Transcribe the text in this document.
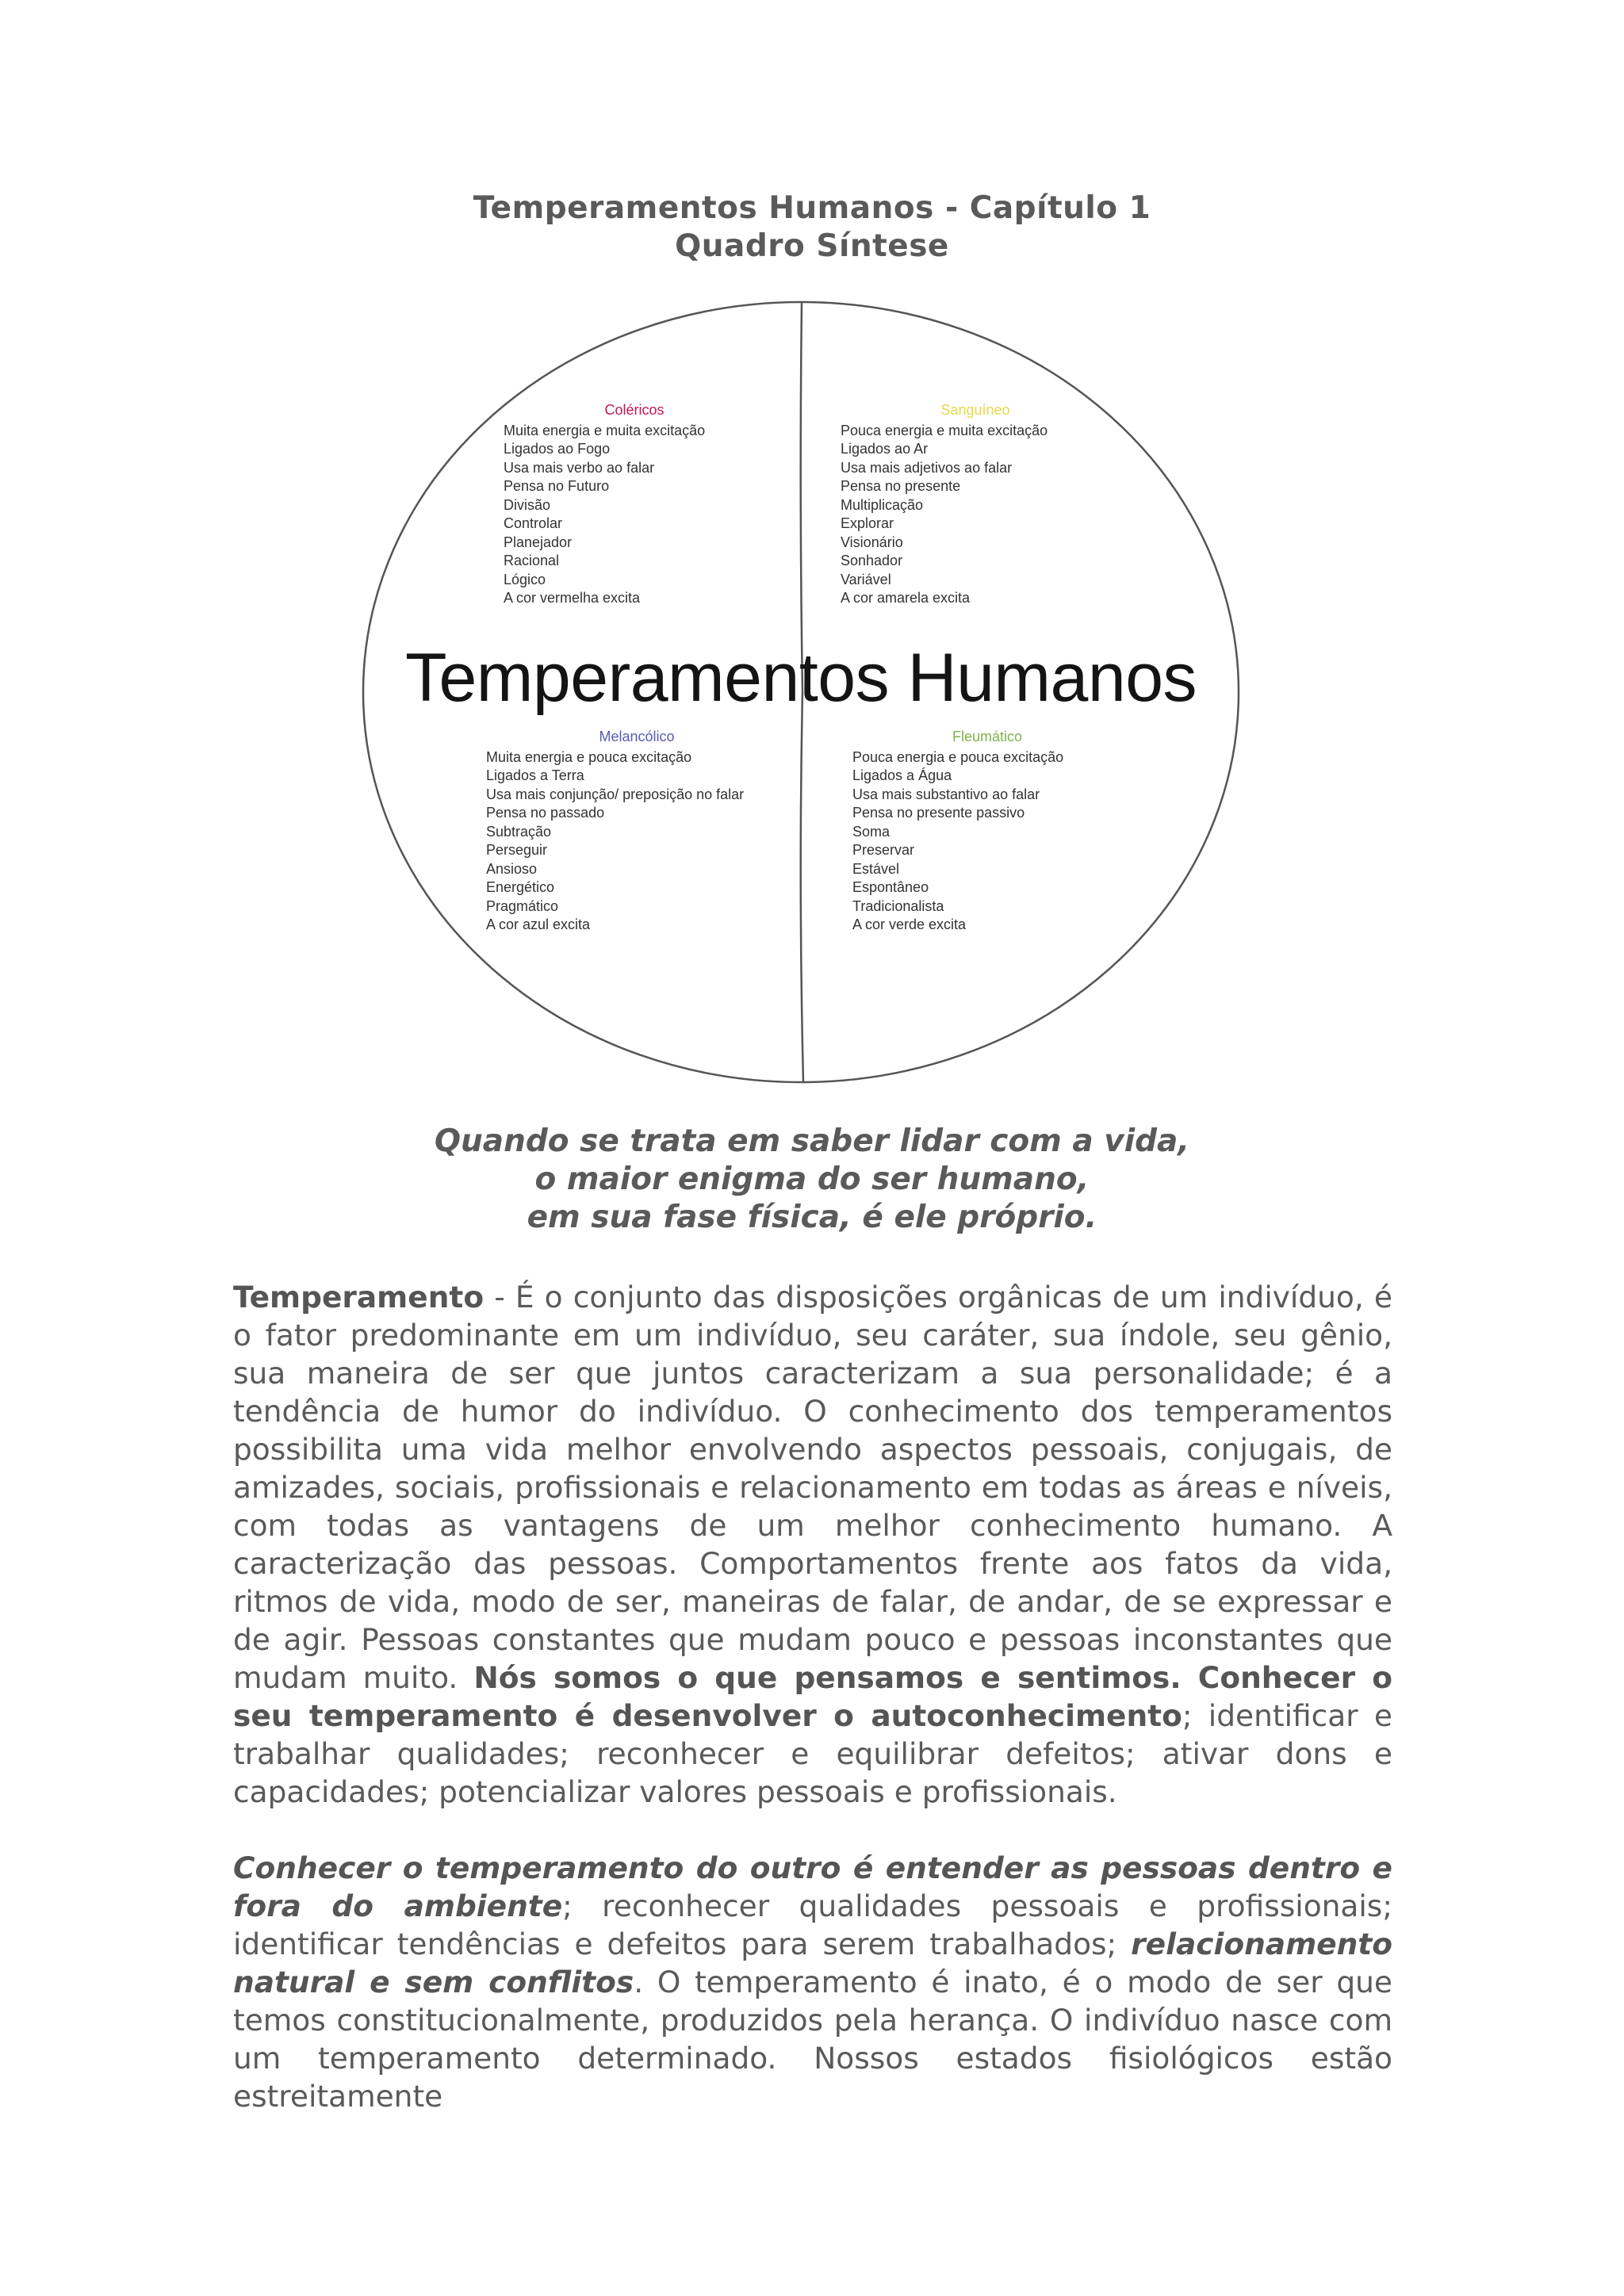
Temperamentos Humanos - Capítulo 1
Quadro Síntese
Coléricos
Muita energia e muita excitação
Ligados ao Fogo
Usa mais verbo ao falar
Pensa no Futuro
Divisão
Controlar
Planejador
Racional
Lógico
A cor vermelha excita
Sanguíneo
Pouca energia e muita excitação
Ligados ao Ar
Usa mais adjetivos ao falar
Pensa no presente
Multiplicação
Explorar
Visionário
Sonhador
Variável
A cor amarela excita
Temperamentos Humanos
Melancólico
Muita energia e pouca excitação
Ligados a Terra
Usa mais conjunção/ preposição no falar
Pensa no passado
Subtração
Perseguir
Ansioso
Energético
Pragmático
A cor azul excita
Fleumático
Pouca energia e pouca excitação
Ligados a Água
Usa mais substantivo ao falar
Pensa no presente passivo
Soma
Preservar
Estável
Espontâneo
Tradicionalista
A cor verde excita
Quando se trata em saber lidar com a vida,
o maior enigma do ser humano,
em sua fase física, é ele próprio.
Temperamento - É o conjunto das disposições orgânicas de um indivíduo, é o fator predominante em um indivíduo, seu caráter, sua índole, seu gênio, sua maneira de ser que juntos caracterizam a sua personalidade; é a tendência de humor do indivíduo. O conhecimento dos temperamentos possibilita uma vida melhor envolvendo aspectos pessoais, conjugais, de amizades, sociais, profissionais e relacionamento em todas as áreas e níveis, com todas as vantagens de um melhor conhecimento humano. A caracterização das pessoas. Comportamentos frente aos fatos da vida, ritmos de vida, modo de ser, maneiras de falar, de andar, de se expressar e de agir. Pessoas constantes que mudam pouco e pessoas inconstantes que mudam muito. Nós somos o que pensamos e sentimos. Conhecer o seu temperamento é desenvolver o autoconhecimento; identificar e trabalhar qualidades; reconhecer e equilibrar defeitos; ativar dons e capacidades; potencializar valores pessoais e profissionais.
Conhecer o temperamento do outro é entender as pessoas dentro e fora do ambiente; reconhecer qualidades pessoais e profissionais; identificar tendências e defeitos para serem trabalhados; relacionamento natural e sem conflitos. O temperamento é inato, é o modo de ser que temos constitucionalmente, produzidos pela herança. O indivíduo nasce com um temperamento determinado. Nossos estados fisiológicos estão estreitamente
